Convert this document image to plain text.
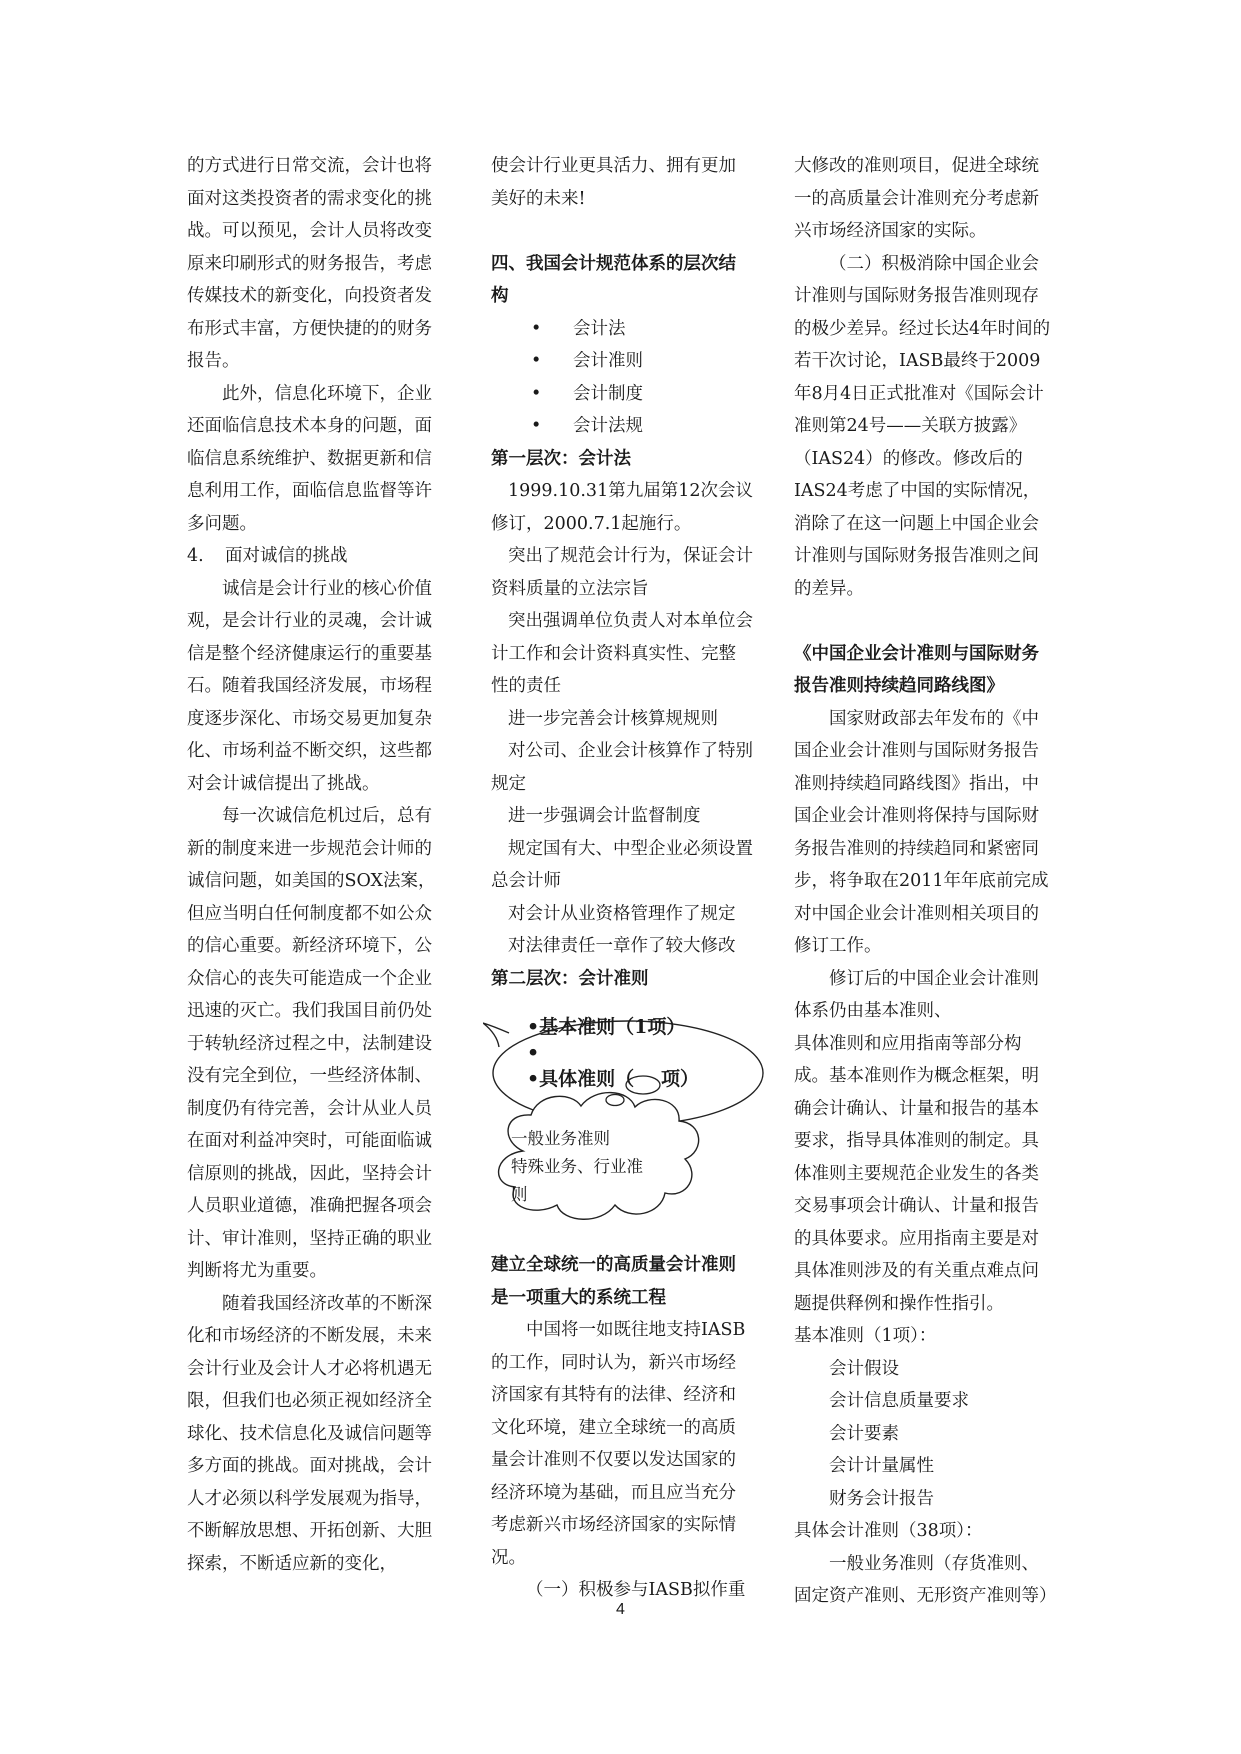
的方式进行日常交流，会计也将面对这类投资者的需求变化的挑战。可以预见，会计人员将改变原来印刷形式的财务报告，考虑传媒技术的新变化，向投资者发布形式丰富，方便快捷的的财务报告。

此外，信息化环境下，企业还面临信息技术本身的问题，面临信息系统维护、数据更新和信息利用工作，面临信息监督等许多问题。

4. 面对诚信的挑战

诚信是会计行业的核心价值观，是会计行业的灵魂，会计诚信是整个经济健康运行的重要基石。随着我国经济发展，市场程度逐步深化、市场交易更加复杂化、市场利益不断交织，这些都对会计诚信提出了挑战。

每一次诚信危机过后，总有新的制度来进一步规范会计师的诚信问题，如美国的SOX法案，但应当明白任何制度都不如公众的信心重要。新经济环境下，公众信心的丧失可能造成一个企业迅速的灭亡。我们我国目前仍处于转轨经济过程之中，法制建设没有完全到位，一些经济体制、制度仍有待完善，会计从业人员在面对利益冲突时，可能面临诚信原则的挑战，因此，坚持会计人员职业道德，准确把握各项会计、审计准则，坚持正确的职业判断将尤为重要。

随着我国经济改革的不断深化和市场经济的不断发展，未来会计行业及会计人才必将机遇无限，但我们也必须正视如经济全球化、技术信息化及诚信问题等多方面的挑战。面对挑战，会计人才必须以科学发展观为指导，不断解放思想、开拓创新、大胆探索，不断适应新的变化，

使会计行业更具活力、拥有更加美好的未来!

四、我国会计规范体系的层次结构

• 会计法

• 会计准则

• 会计制度

• 会计法规

第一层次：会计法

1999.10.31第九届第12次会议修订，2000.7.1起施行。

突出了规范会计行为，保证会计资料质量的立法宗旨

突出强调单位负责人对本单位会计工作和会计资料真实性、完整性的责任

进一步完善会计核算规规则

对公司、企业会计核算作了特别规定

进一步强调会计监督制度

规定国有大、中型企业必须设置总会计师

对会计从业资格管理作了规定

对法律责任一章作了较大修改

第二层次：会计准则

•基本准则（1项）
•
•具体准则（ 项）
一般业务准则
特殊业务、行业准
则

建立全球统一的高质量会计准则

是一项重大的系统工程

中国将一如既往地支持IASB的工作，同时认为，新兴市场经济国家有其特有的法律、经济和文化环境，建立全球统一的高质量会计准则不仅要以发达国家的经济环境为基础，而且应当充分考虑新兴市场经济国家的实际情况。

（一）积极参与IASB拟作重

大修改的准则项目，促进全球统一的高质量会计准则充分考虑新兴市场经济国家的实际。

（二）积极消除中国企业会计准则与国际财务报告准则现存的极少差异。经过长达4年时间的若干次讨论，IASB最终于2009年8月4日正式批准对《国际会计准则第24号——关联方披露》（IAS24）的修改。修改后的IAS24考虑了中国的实际情况，消除了在这一问题上中国企业会计准则与国际财务报告准则之间的差异。

《中国企业会计准则与国际财务

报告准则持续趋同路线图》

国家财政部去年发布的《中国企业会计准则与国际财务报告准则持续趋同路线图》指出，中国企业会计准则将保持与国际财务报告准则的持续趋同和紧密同步，将争取在2011年年底前完成对中国企业会计准则相关项目的修订工作。

修订后的中国企业会计准则体系仍由基本准则、

具体准则和应用指南等部分构成。基本准则作为概念框架，明确会计确认、计量和报告的基本要求，指导具体准则的制定。具体准则主要规范企业发生的各类交易事项会计确认、计量和报告的具体要求。应用指南主要是对具体准则涉及的有关重点难点问题提供释例和操作性指引。

基本准则（1项）：

会计假设

会计信息质量要求

会计要素

会计计量属性

财务会计报告

具体会计准则（38项）：

一般业务准则（存货准则、固定资产准则、无形资产准则等）

4
